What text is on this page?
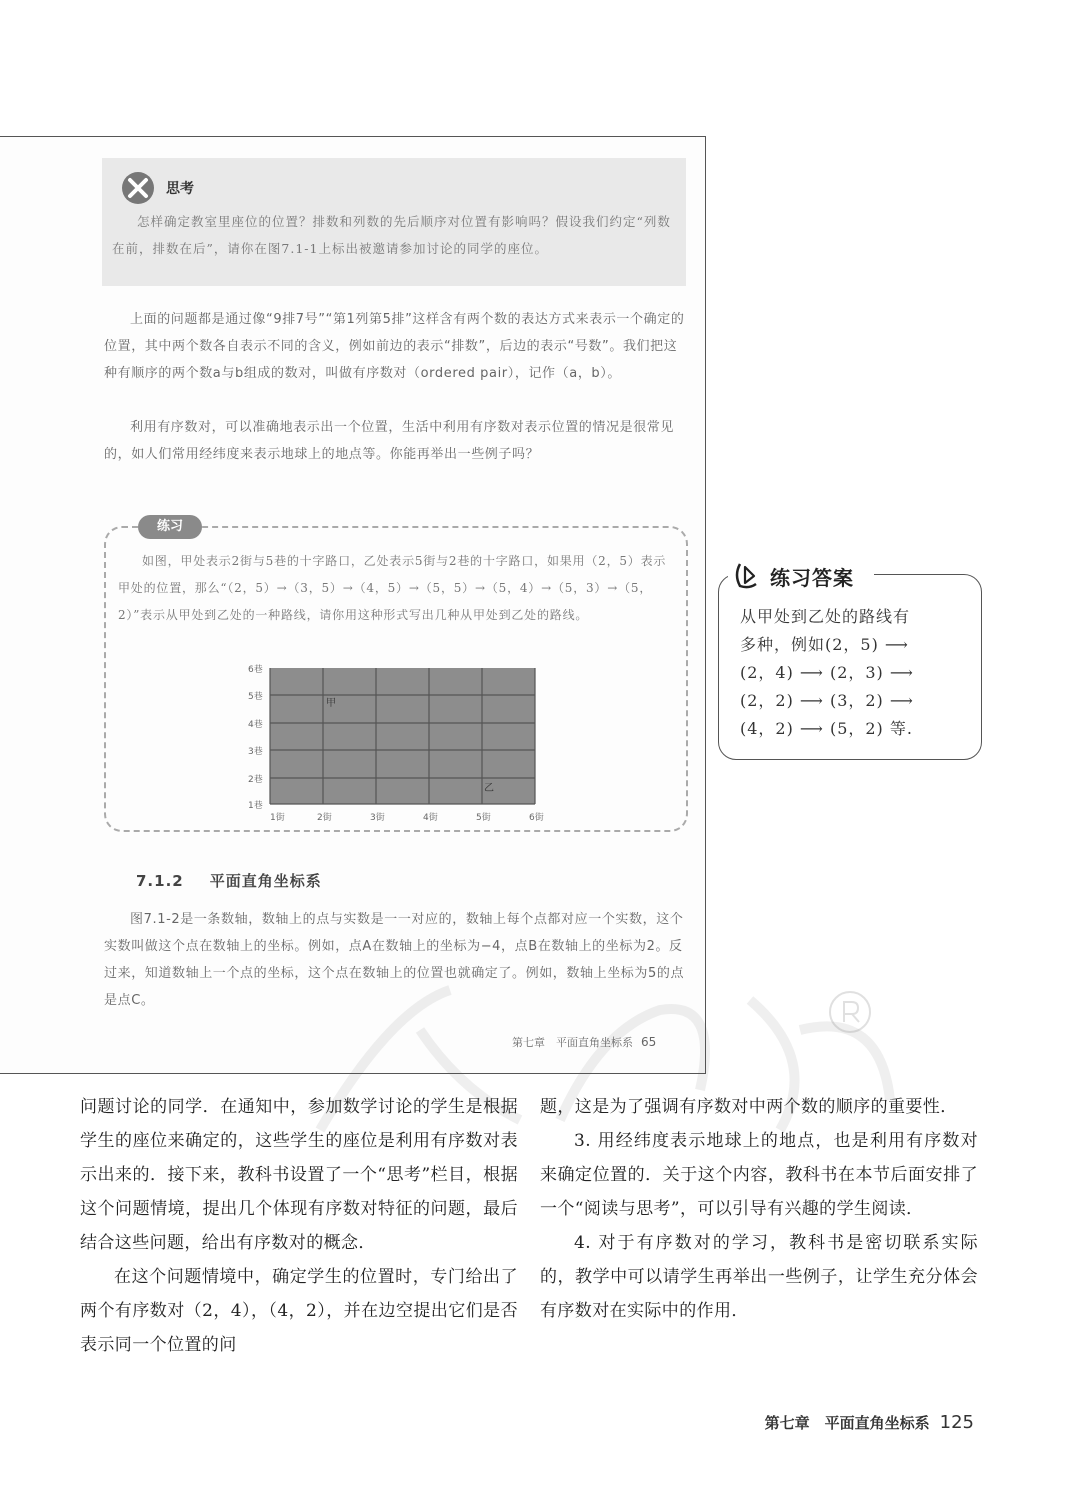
思考
怎样确定教室里座位的位置？排数和列数的先后顺序对位置有影响吗？假设我们约定“列数在前，排数在后”，请你在图7.1-1上标出被邀请参加讨论的同学的座位。
上面的问题都是通过像“9排7号”“第1列第5排”这样含有两个数的表达方式来表示一个确定的位置，其中两个数各自表示不同的含义，例如前边的表示“排数”，后边的表示“号数”。我们把这种有顺序的两个数a与b组成的数对，叫做有序数对（ordered pair），记作（a，b）。
利用有序数对，可以准确地表示出一个位置，生活中利用有序数对表示位置的情况是很常见的，如人们常用经纬度来表示地球上的地点等。你能再举出一些例子吗？
练习
如图，甲处表示2街与5巷的十字路口，乙处表示5街与2巷的十字路口，如果用（2，5）表示甲处的位置，那么“（2，5）→（3，5）→（4，5）→（5，5）→（5，4）→（5，3）→（5，2）”表示从甲处到乙处的一种路线，请你用这种形式写出几种从甲处到乙处的路线。
6巷
5巷
4巷
3巷
2巷
1巷
1街	2街	3街	4街	5街	6街
甲
乙
7.1.2 平面直角坐标系
图7.1-2是一条数轴，数轴上的点与实数是一一对应的，数轴上每个点都对应一个实数，这个实数叫做这个点在数轴上的坐标。例如，点A在数轴上的坐标为−4，点B在数轴上的坐标为2。反过来，知道数轴上一个点的坐标，这个点在数轴上的位置也就确定了。例如，数轴上坐标为5的点是点C。
第七章　平面直角坐标系 65
练习答案
从甲处到乙处的路线有
多种，例如(2，5) ⟶
(2，4) ⟶ (2，3) ⟶
(2，2) ⟶ (3，2) ⟶
(4，2) ⟶ (5，2) 等.

问题讨论的同学．在通知中，参加数学讨论的学生是根据学生的座位来确定的，这些学生的座位是利用有序数对表示出来的．接下来，教科书设置了一个“思考”栏目，根据这个问题情境，提出几个体现有序数对特征的问题，最后结合这些问题，给出有序数对的概念．

在这个问题情境中，确定学生的位置时，专门给出了两个有序数对（2，4），（4，2），并在边空提出它们是否表示同一个位置的问

题，这是为了强调有序数对中两个数的顺序的重要性．

3. 用经纬度表示地球上的地点，也是利用有序数对来确定位置的．关于这个内容，教科书在本节后面安排了一个“阅读与思考”，可以引导有兴趣的学生阅读．

4. 对于有序数对的学习，教科书是密切联系实际的，教学中可以请学生再举出一些例子，让学生充分体会有序数对在实际中的作用．

第七章　平面直角坐标系 125
